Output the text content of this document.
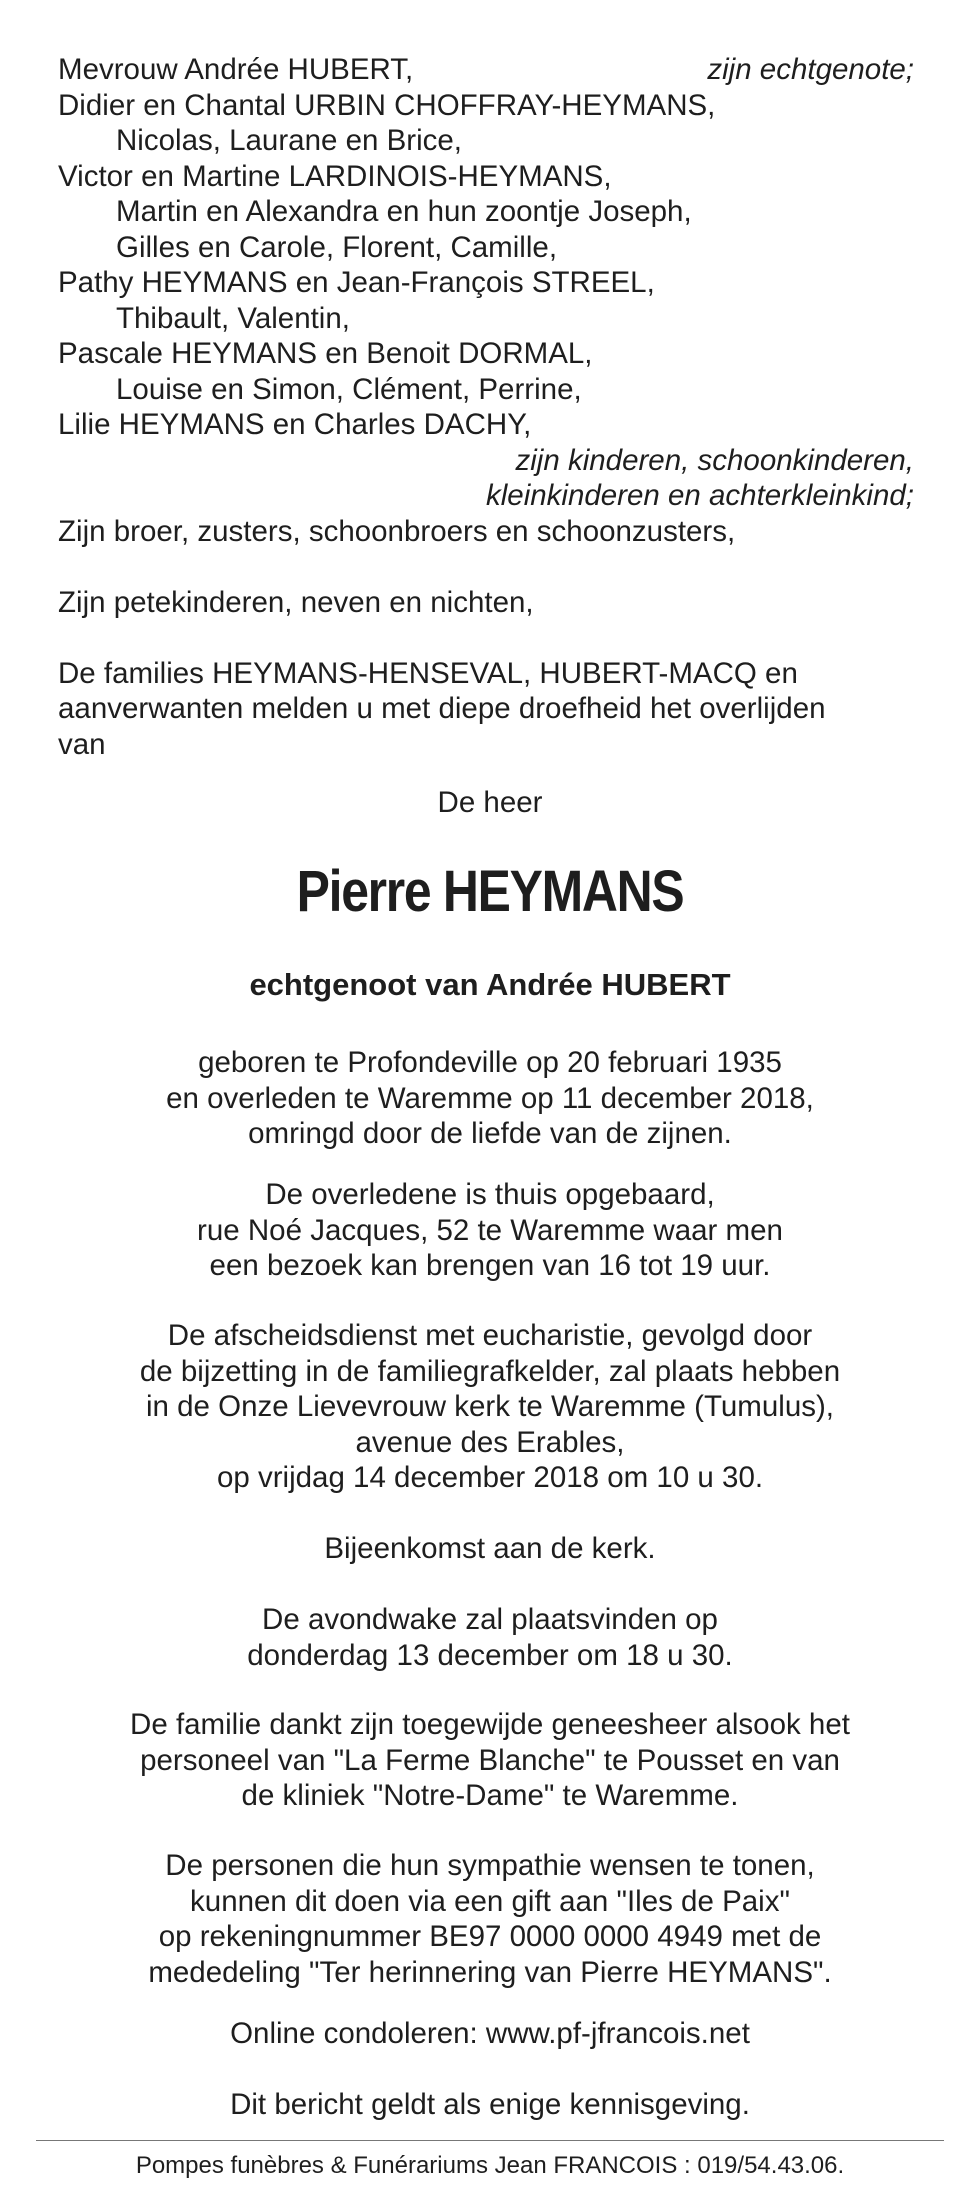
Mevrouw Andrée HUBERT,	zijn echtgenote;
Didier en Chantal URBIN CHOFFRAY-HEYMANS,
Nicolas, Laurane en Brice,
Victor en Martine LARDINOIS-HEYMANS,
Martin en Alexandra en hun zoontje Joseph,
Gilles en Carole, Florent, Camille,
Pathy HEYMANS en Jean-François STREEL,
Thibault, Valentin,
Pascale HEYMANS en Benoit DORMAL,
Louise en Simon, Clément, Perrine,
Lilie HEYMANS en Charles DACHY,
zijn kinderen, schoonkinderen,
kleinkinderen en achterkleinkind;
Zijn broer, zusters, schoonbroers en schoonzusters,
Zijn petekinderen, neven en nichten,
De families HEYMANS-HENSEVAL, HUBERT-MACQ en
aanverwanten melden u met diepe droefheid het overlijden
van
De heer
Pierre HEYMANS
echtgenoot van Andrée HUBERT
geboren te Profondeville op 20 februari 1935
en overleden te Waremme op 11 december 2018,
omringd door de liefde van de zijnen.
De overledene is thuis opgebaard,
rue Noé Jacques, 52 te Waremme waar men
een bezoek kan brengen van 16 tot 19 uur.
De afscheidsdienst met eucharistie, gevolgd door
de bijzetting in de familiegrafkelder, zal plaats hebben
in de Onze Lievevrouw kerk te Waremme (Tumulus),
avenue des Erables,
op vrijdag 14 december 2018 om 10 u 30.
Bijeenkomst aan de kerk.
De avondwake zal plaatsvinden op
donderdag 13 december om 18 u 30.
De familie dankt zijn toegewijde geneesheer alsook het
personeel van "La Ferme Blanche" te Pousset en van
de kliniek "Notre-Dame" te Waremme.
De personen die hun sympathie wensen te tonen,
kunnen dit doen via een gift aan "Iles de Paix"
op rekeningnummer BE97 0000 0000 4949 met de
mededeling "Ter herinnering van Pierre HEYMANS".
Online condoleren: www.pf-jfrancois.net
Dit bericht geldt als enige kennisgeving.
Pompes funèbres & Funérariums Jean FRANCOIS : 019/54.43.06.
